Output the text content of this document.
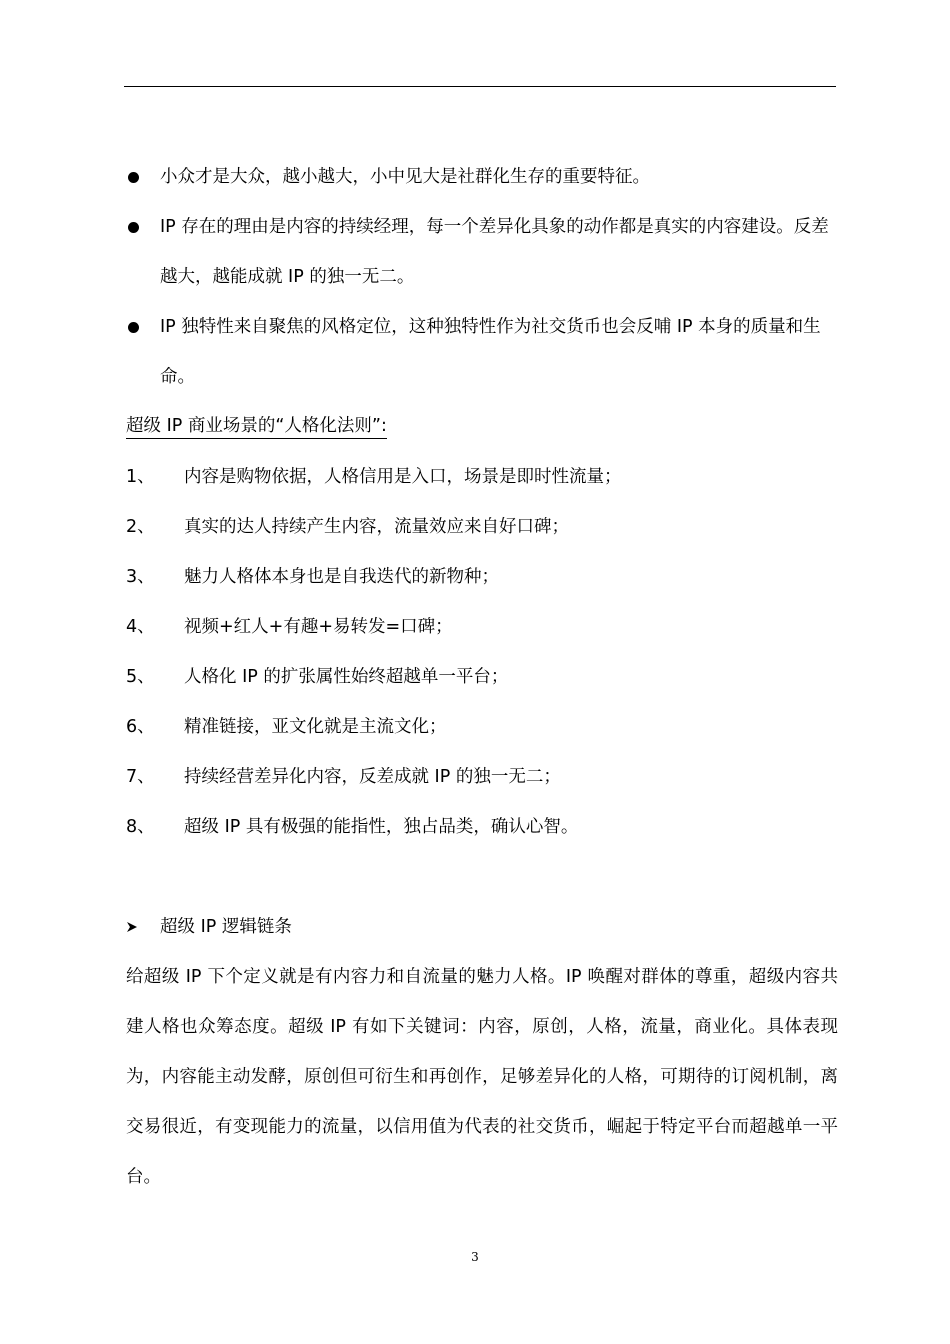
小众才是大众，越小越大，小中见大是社群化生存的重要特征。
IP 存在的理由是内容的持续经理，每一个差异化具象的动作都是真实的内容建设。反差越大，越能成就 IP 的独一无二。
IP 独特性来自聚焦的风格定位，这种独特性作为社交货币也会反哺 IP 本身的质量和生命。
超级 IP 商业场景的“人格化法则”:
1、	内容是购物依据，人格信用是入口，场景是即时性流量；
2、	真实的达人持续产生内容，流量效应来自好口碑；
3、	魅力人格体本身也是自我迭代的新物种；
4、	视频+红人+有趣+易转发=口碑；
5、	人格化 IP 的扩张属性始终超越单一平台；
6、	精准链接，亚文化就是主流文化；
7、	持续经营差异化内容，反差成就 IP 的独一无二；
8、	超级 IP 具有极强的能指性，独占品类，确认心智。
超级 IP 逻辑链条
给超级 IP 下个定义就是有内容力和自流量的魅力人格。IP 唤醒对群体的尊重，超级内容共建人格也众筹态度。超级 IP 有如下关键词：内容，原创，人格，流量，商业化。具体表现为，内容能主动发酵，原创但可衍生和再创作，足够差异化的人格，可期待的订阅机制，离交易很近，有变现能力的流量，以信用值为代表的社交货币，崛起于特定平台而超越单一平台。
3
